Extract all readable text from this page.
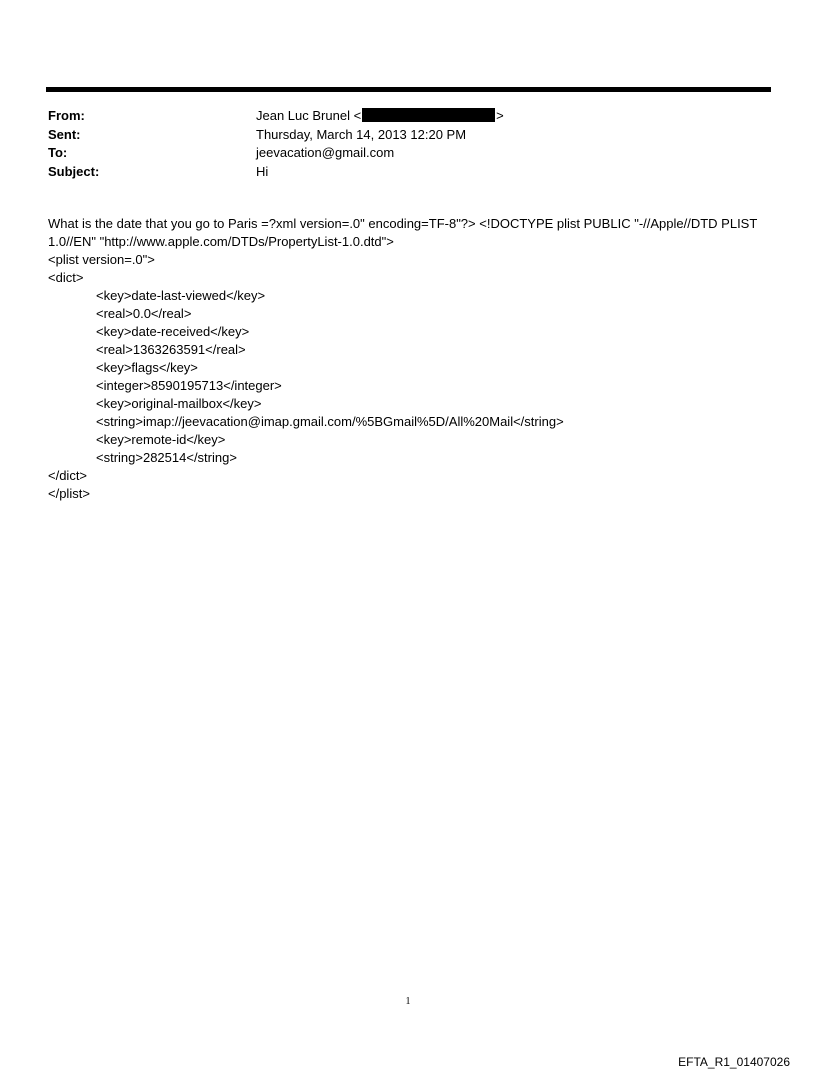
From:	Jean Luc Brunel <	>
Sent:	Thursday, March 14, 2013 12:20 PM
To:	jeevacation@gmail.com
Subject:	Hi
What is the date that you go to Paris =?xml version=.0" encoding=TF-8"?> <!DOCTYPE plist PUBLIC "-//Apple//DTD PLIST
1.0//EN" "http://www.apple.com/DTDs/PropertyList-1.0.dtd">
<plist version=.0">
<dict>
<key>date-last-viewed</key>
<real>0.0</real>
<key>date-received</key>
<real>1363263591</real>
<key>flags</key>
<integer>8590195713</integer>
<key>original-mailbox</key>
<string>imap://jeevacation@imap.gmail.com/%5BGmail%5D/All%20Mail</string>
<key>remote-id</key>
<string>282514</string>
</dict>
</plist>
1
EFTA_R1_01407026
